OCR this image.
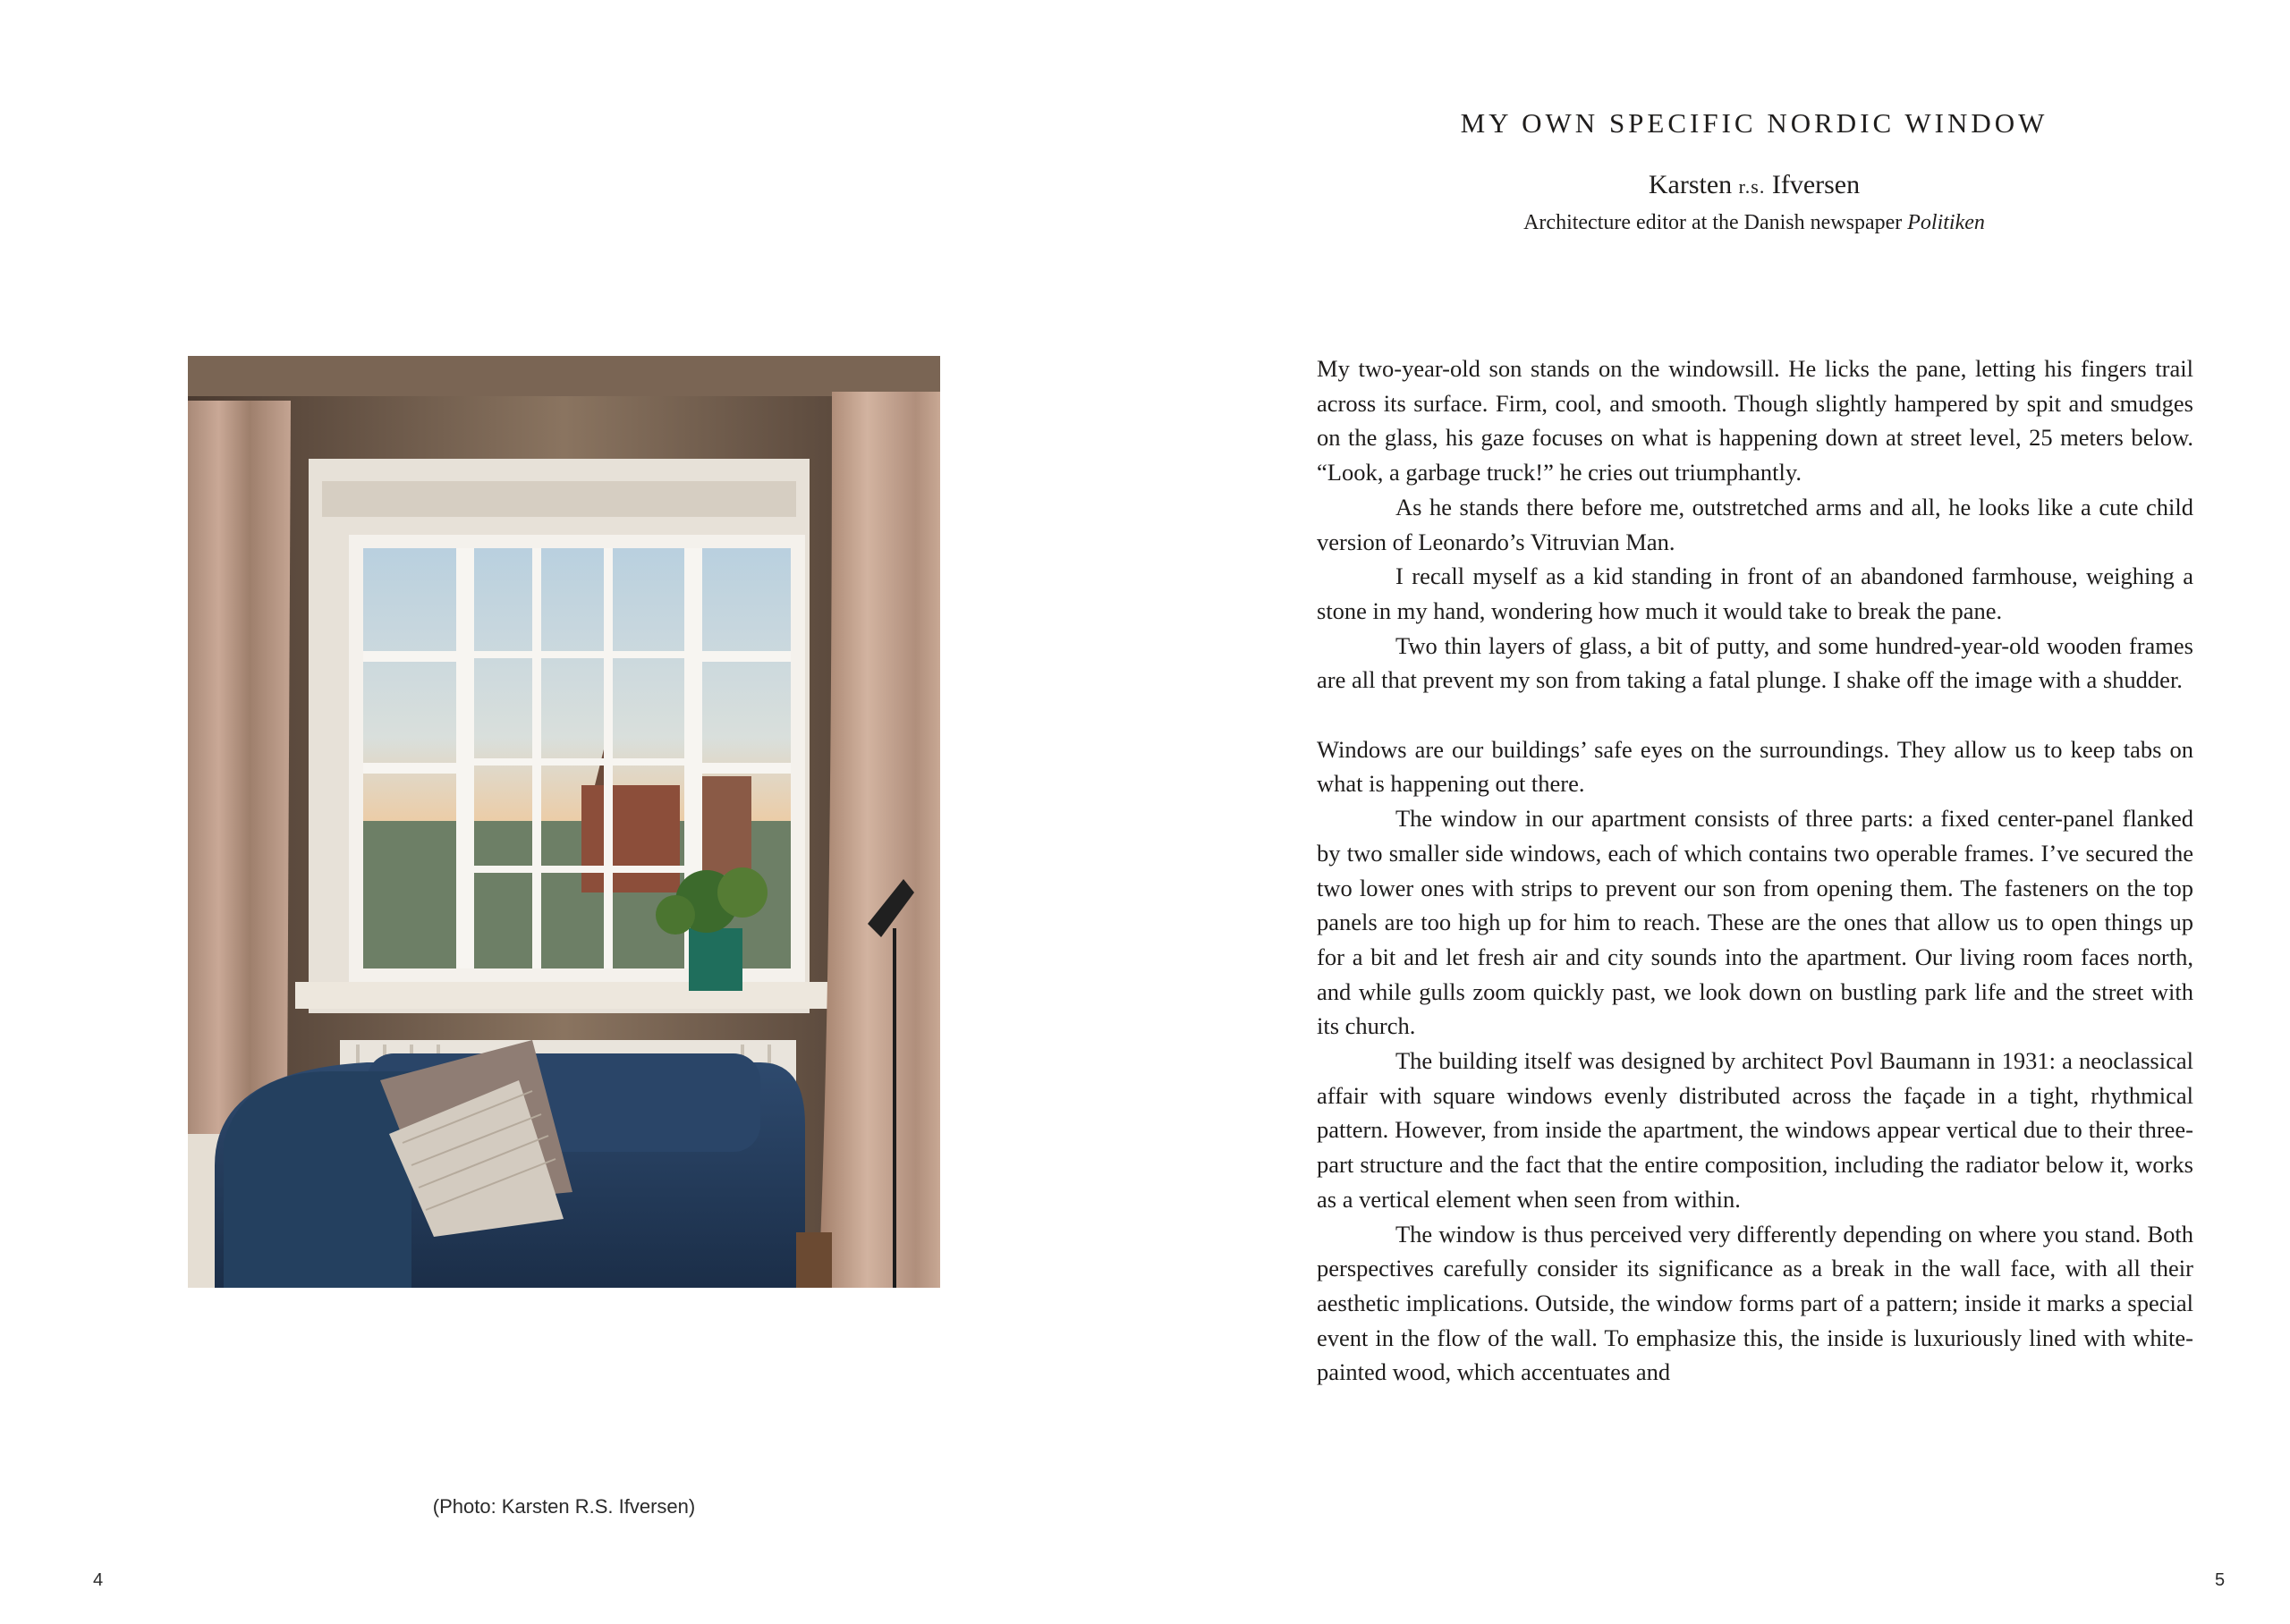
(Photo: Karsten R.S. Ifversen)
4
MY OWN SPECIFIC NORDIC WINDOW
Karsten r.s. Ifversen
Architecture editor at the Danish newspaper Politiken

My two-year-old son stands on the windowsill. He licks the pane, letting his fingers trail across its surface. Firm, cool, and smooth. Though slightly hampered by spit and smudges on the glass, his gaze focuses on what is happening down at street level, 25 meters below. “Look, a garbage truck!” he cries out triumphantly.

As he stands there before me, outstretched arms and all, he looks like a cute child version of Leonardo’s Vitruvian Man.

I recall myself as a kid standing in front of an abandoned farmhouse, weighing a stone in my hand, wondering how much it would take to break the pane.

Two thin layers of glass, a bit of putty, and some hundred-year-old wooden frames are all that prevent my son from taking a fatal plunge. I shake off the image with a shudder.

Windows are our buildings’ safe eyes on the surroundings. They allow us to keep tabs on what is happening out there.

The window in our apartment consists of three parts: a fixed center-panel flanked by two smaller side windows, each of which contains two operable frames. I’ve secured the two lower ones with strips to prevent our son from opening them. The fasteners on the top panels are too high up for him to reach. These are the ones that allow us to open things up for a bit and let fresh air and city sounds into the apartment. Our living room faces north, and while gulls zoom quickly past, we look down on bustling park life and the street with its church.

The building itself was designed by architect Povl Baumann in 1931: a neoclassical affair with square windows evenly distributed across the façade in a tight, rhythmical pattern. However, from inside the apartment, the windows appear vertical due to their three-part structure and the fact that the entire composition, including the radiator below it, works as a vertical element when seen from within.

The window is thus perceived very differently depending on where you stand. Both perspectives carefully consider its significance as a break in the wall face, with all their aesthetic implications. Outside, the window forms part of a pattern; inside it marks a special event in the flow of the wall. To emphasize this, the inside is luxuriously lined with white-painted wood, which accentuates and

5
